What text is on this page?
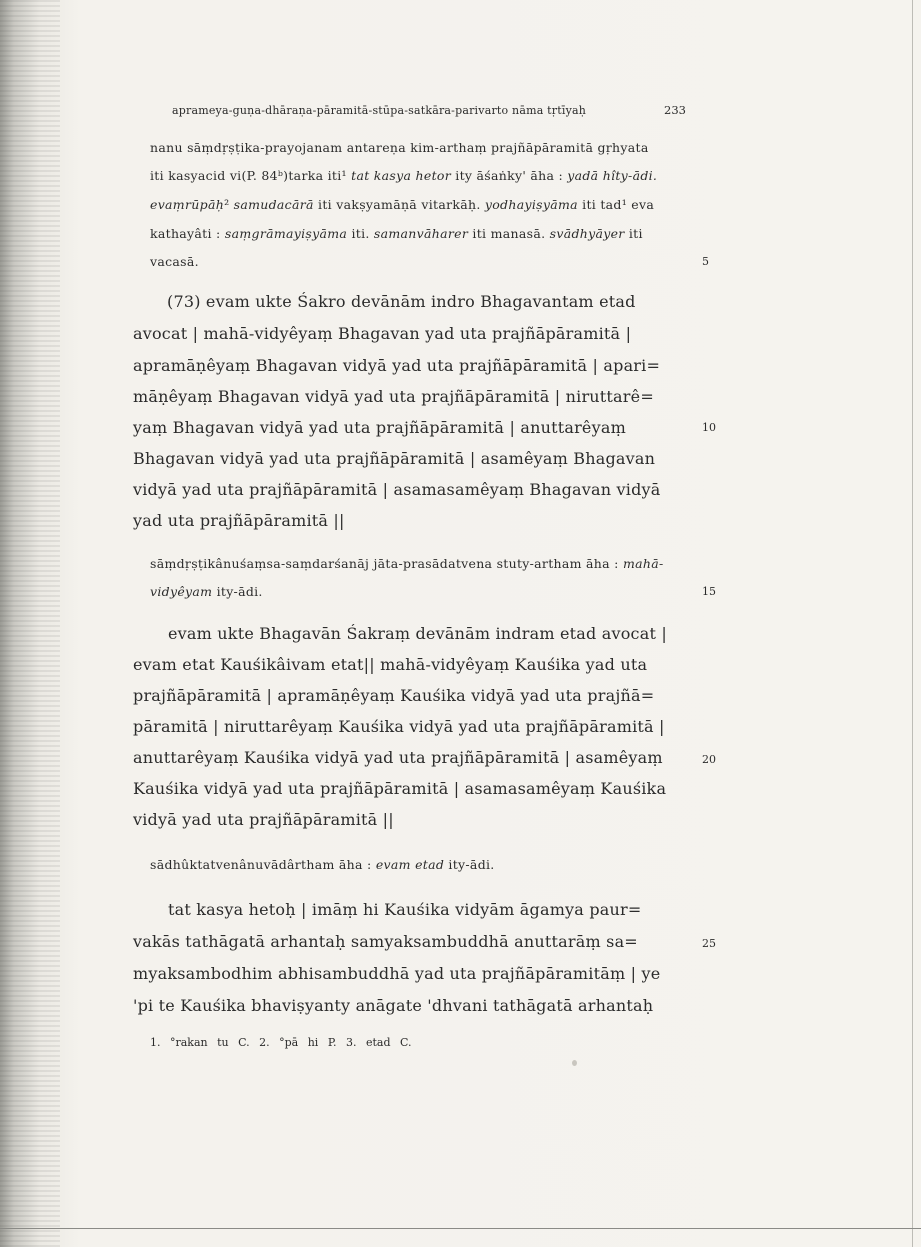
aprameya-guṇa-dhāraṇa-pāramitā-stūpa-satkāra-parivarto nāma tṛtīyaḥ	233
nanu sāṃdṛṣṭika-prayojanam antareṇa kim-arthaṃ prajñāpāramitā gṛhyata
iti kasyacid vi(P. 84ᵇ)tarka iti¹ tat kasya hetor ity āśaṅky' āha : yadā hîty-ādi.
evaṃrūpāḥ² samudacārā iti vakṣyamāṇā vitarkāḥ. yodhayiṣyāma iti tad¹ eva
kathayâti : saṃgrāmayiṣyāma iti. samanvāharer iti manasā. svādhyāyer iti
vacasā.	5
(73) evam ukte Śakro devānām indro Bhagavantam etad
avocat | mahā-vidyêyaṃ Bhagavan yad uta prajñāpāramitā |
apramāṇêyaṃ Bhagavan vidyā yad uta prajñāpāramitā | apari=
māṇêyaṃ Bhagavan vidyā yad uta prajñāpāramitā | niruttarê=
yaṃ Bhagavan vidyā yad uta prajñāpāramitā | anuttarêyaṃ	10
Bhagavan vidyā yad uta prajñāpāramitā | asamêyaṃ Bhagavan
vidyā yad uta prajñāpāramitā | asamasamêyaṃ Bhagavan vidyā
yad uta prajñāpāramitā ||
sāṃdṛṣṭikânuśaṃsa-saṃdarśanāj jāta-prasādatvena stuty-artham āha : mahā-
vidyêyam ity-ādi.	15
evam ukte Bhagavān Śakraṃ devānām indram etad avocat |
evam etat Kauśikâivam etat|| mahā-vidyêyaṃ Kauśika yad uta
prajñāpāramitā | apramāṇêyaṃ Kauśika vidyā yad uta prajñā=
pāramitā | niruttarêyaṃ Kauśika vidyā yad uta prajñāpāramitā |
anuttarêyaṃ Kauśika vidyā yad uta prajñāpāramitā | asamêyaṃ	20
Kauśika vidyā yad uta prajñāpāramitā | asamasamêyaṃ Kauśika
vidyā yad uta prajñāpāramitā ||
sādhûktatvenânuvādârtham āha : evam etad ity-ādi.
tat kasya hetoḥ | imāṃ hi Kauśika vidyām āgamya paur=
vakās tathāgatā arhantaḥ samyaksambuddhā anuttarāṃ sa=	25
myaksambodhim abhisambuddhā yad uta prajñāpāramitāṃ | ye
'pi te Kauśika bhaviṣyanty anāgate 'dhvani tathāgatā arhantaḥ
1. °rakan tu C. 2. °pā hi P. 3. etad C.
